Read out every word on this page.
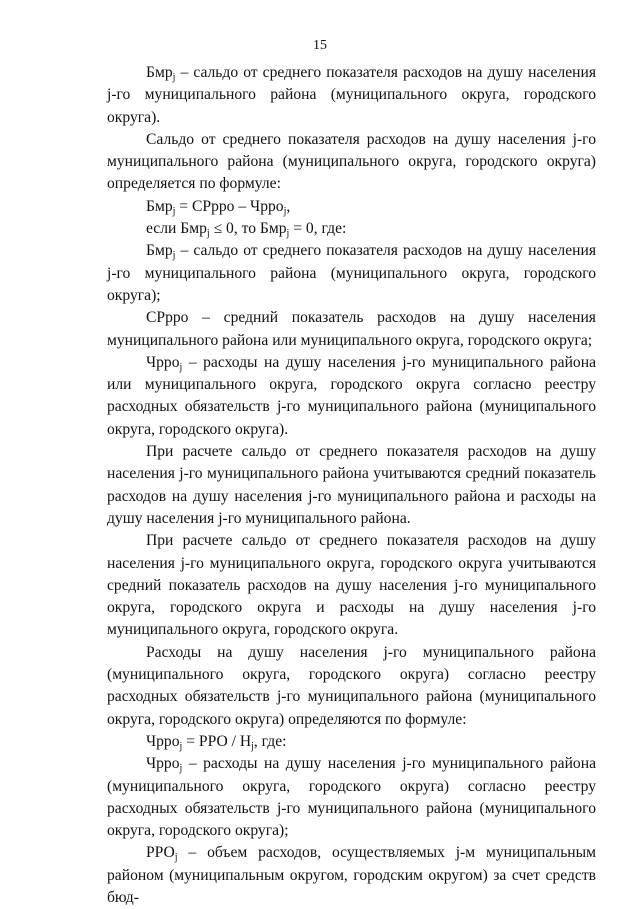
15

Бмр$_j$ – сальдо от среднего показателя расходов на душу населения j-го муниципального района (муниципального округа, городского округа).

Сальдо от среднего показателя расходов на душу населения j-го муниципального района (муниципального округа, городского округа) определяется по формуле:

Бмр$_j$ = СРрро – Чрро$_j$,

если Бмр$_j$ ≤ 0, то Бмр$_j$ = 0, где:

Бмр$_j$ – сальдо от среднего показателя расходов на душу населения j-го муниципального района (муниципального округа, городского округа);

СРрро – средний показатель расходов на душу населения муниципального района или муниципального округа, городского округа;

Чрро$_j$ – расходы на душу населения j-го муниципального района или муниципального округа, городского округа согласно реестру расходных обязательств j-го муниципального района (муниципального округа, городского округа).

При расчете сальдо от среднего показателя расходов на душу населения j-го муниципального района учитываются средний показатель расходов на душу населения j-го муниципального района и расходы на душу населения j-го муниципального района.

При расчете сальдо от среднего показателя расходов на душу населения j-го муниципального округа, городского округа учитываются средний показатель расходов на душу населения j-го муниципального округа, городского округа и расходы на душу населения j-го муниципального округа, городского округа.

Расходы на душу населения j-го муниципального района (муниципального округа, городского округа) согласно реестру расходных обязательств j-го муниципального района (муниципального округа, городского округа) определяются по формуле:

Чрро$_j$ = РРО / $Н_j$, где:

Чрро$_j$ – расходы на душу населения j-го муниципального района (муниципального округа, городского округа) согласно реестру расходных обязательств j-го муниципального района (муниципального округа, городского округа);

$РРО_j$ – объем расходов, осуществляемых j-м муниципальным районом (муниципальным округом, городским округом) за счет средств бюд-
